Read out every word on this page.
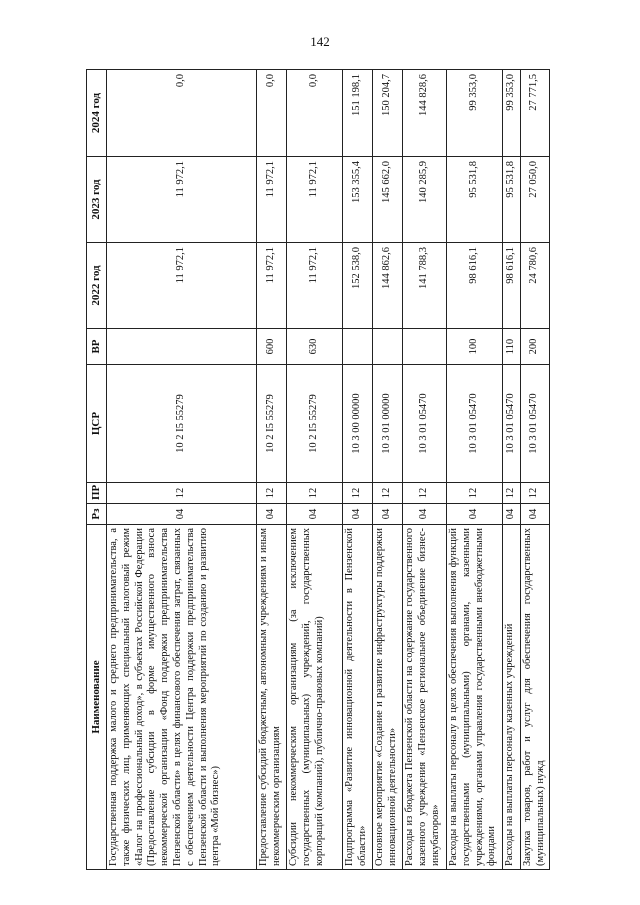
142
Наименование	Рз	ПР	ЦСР	ВР	2022 год	2023 год	2024 год
Государственная поддержка малого и среднего предпринимательства, а также физических лиц, применяющих специальный налоговый режим «Налог на профессиональный доход», в субъектах Российской Федерации (Предоставление субсидии в форме имущественного взноса некоммерческой организации «Фонд поддержки предпринимательства Пензенской области» в целях финансового обеспечения затрат, связанных с обеспечением деятельности Центра поддержки предпринимательства Пензенской области и выполнения мероприятий по созданию и развитию центра «Мой бизнес»)	04	12	10 2 I5 55279		11 972,1	11 972,1	0,0
Предоставление субсидий бюджетным, автономным учреждениям и иным некоммерческим организациям	04	12	10 2 I5 55279	600	11 972,1	11 972,1	0,0
Субсидии некоммерческим организациям (за исключением государственных (муниципальных) учреждений, государственных корпораций (компаний), публично-правовых компаний)	04	12	10 2 I5 55279	630	11 972,1	11 972,1	0,0
Подпрограмма «Развитие инновационной деятельности в Пензенской области»	04	12	10 3 00 00000		152 538,0	153 355,4	151 198,1
Основное мероприятие «Создание и развитие инфраструктуры поддержки инновационной деятельности»	04	12	10 3 01 00000		144 862,6	145 662,0	150 204,7
Расходы из бюджета Пензенской области на содержание государственного казенного учреждения «Пензенское региональное объединение бизнес-инкубаторов»	04	12	10 3 01 05470		141 788,3	140 285,9	144 828,6
Расходы на выплаты персоналу в целях обеспечения выполнения функций государственными (муниципальными) органами, казенными учреждениями, органами управления государственными внебюджетными фондами	04	12	10 3 01 05470	100	98 616,1	95 531,8	99 353,0
Расходы на выплаты персоналу казенных учреждений	04	12	10 3 01 05470	110	98 616,1	95 531,8	99 353,0
Закупка товаров, работ и услуг для обеспечения государственных (муниципальных) нужд	04	12	10 3 01 05470	200	24 780,6	27 050,0	27 771,5
